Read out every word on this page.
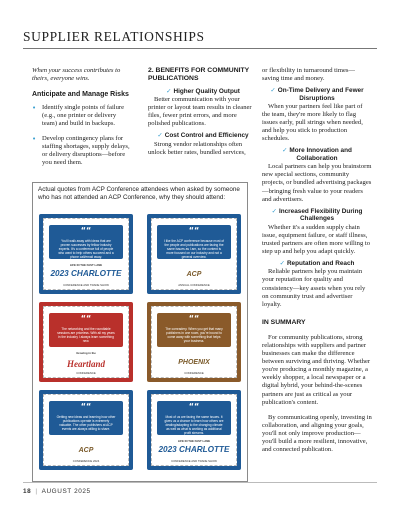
SUPPLIER RELATIONSHIPS

When your success contributes to theirs, everyone wins.

Anticipate and Manage Risks
• Identify single points of failure (e.g., one printer or delivery team) and build in backups.
• Develop contingency plans for staffing shortages, supply delays, or delivery disruptions—before you need them.
2. BENEFITS FOR COMMUNITY PUBLICATIONS
✓ Higher Quality Output

Better communication with your printer or layout team results in cleaner files, fewer print errors, and more polished publications.

✓ Cost Control and Efficiency

Strong vendor relationships often unlock better rates, bundled services,

or flexibility in turnaround times—saving time and money.

✓ On-Time Delivery and Fewer Disruptions

When your partners feel like part of the team, they're more likely to flag issues early, pull strings when needed, and help you stick to production schedules.

✓ More Innovation and Collaboration

Local partners can help you brainstorm new special sections, community projects, or bundled advertising packages—bringing fresh value to your readers and advertisers.

✓ Increased Flexibility During Challenges

Whether it's a sudden supply chain issue, equipment failure, or staff illness, trusted partners are often more willing to step up and help you adapt quickly.

✓ Reputation and Reach

Reliable partners help you maintain your reputation for quality and consistency—key assets when you rely on community trust and advertiser loyalty.

IN SUMMARY

For community publications, strong relationships with suppliers and partner businesses can make the difference between surviving and thriving. Whether you're producing a monthly magazine, a weekly shopper, a local newspaper or a digital hybrid, your behind-the-scenes partners are just as critical as your publication's content.

By communicating openly, investing in collaboration, and aligning your goals, you'll not only improve production—you'll build a more resilient, innovative, and connected publication.

Actual quotes from ACP Conference attendees when asked by someone who has not attended an ACP Conference, why they should attend:
““
You'll walk away with ideas that are proven successes by fellow industry experts. It's a conference full of people who want to help others succeed and a phone call/email away.
LIFE IN THE FAST LANE
2023 CHARLOTTE
CONFERENCE AND TRADE SHOW
““
I like the ACP conference because most of the people and publications are facing the same issues as I am, so the content is more focused on our industry and not a general overview.
ACP
ANNUAL CONFERENCE
““
The networking and the roundtable sessions are priceless. With all my years in the industry I always learn something new.
Growing in the
Heartland
CONFERENCE
““
The comradery. When you get that many publishers in one room, you're bound to come away with something that helps your business.
PHOENIX
CONFERENCE
““
Getting new ideas and learning how other publications operate is extremely valuable. The other publishers at ACP events are always willing to share.
ACP
CONFERENCE 2024
““
Most of us are facing the same issues. It gives us a chance to learn how others are dealing/adapting to the changing climate as well as what is working as additional profit streams.
LIFE IN THE FAST LANE
2023 CHARLOTTE
CONFERENCE AND TRADE SHOW
18 | AUGUST 2025
